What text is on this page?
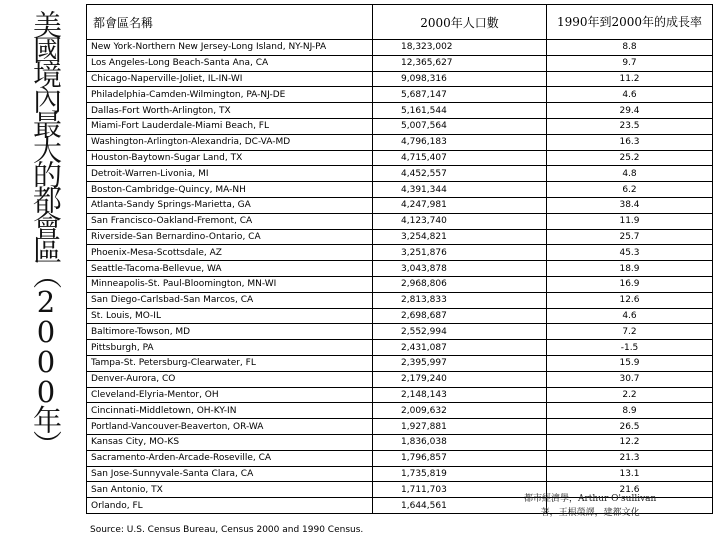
美國境內最大的都會區（2000年）	都會區名稱	2000年人口數	1990年到2000年的成長率
New York-Northern New Jersey-Long Island, NY-NJ-PA	18,323,002	8.8
Los Angeles-Long Beach-Santa Ana, CA	12,365,627	9.7
Chicago-Naperville-Joliet, IL-IN-WI	9,098,316	11.2
Philadelphia-Camden-Wilmington, PA-NJ-DE	5,687,147	4.6
Dallas-Fort Worth-Arlington, TX	5,161,544	29.4
Miami-Fort Lauderdale-Miami Beach, FL	5,007,564	23.5
Washington-Arlington-Alexandria, DC-VA-MD	4,796,183	16.3
Houston-Baytown-Sugar Land, TX	4,715,407	25.2
Detroit-Warren-Livonia, MI	4,452,557	4.8
Boston-Cambridge-Quincy, MA-NH	4,391,344	6.2
Atlanta-Sandy Springs-Marietta, GA	4,247,981	38.4
San Francisco-Oakland-Fremont, CA	4,123,740	11.9
Riverside-San Bernardino-Ontario, CA	3,254,821	25.7
Phoenix-Mesa-Scottsdale, AZ	3,251,876	45.3
Seattle-Tacoma-Bellevue, WA	3,043,878	18.9
Minneapolis-St. Paul-Bloomington, MN-WI	2,968,806	16.9
San Diego-Carlsbad-San Marcos, CA	2,813,833	12.6
St. Louis, MO-IL	2,698,687	4.6
Baltimore-Towson, MD	2,552,994	7.2
Pittsburgh, PA	2,431,087	-1.5
Tampa-St. Petersburg-Clearwater, FL	2,395,997	15.9
Denver-Aurora, CO	2,179,240	30.7
Cleveland-Elyria-Mentor, OH	2,148,143	2.2
Cincinnati-Middletown, OH-KY-IN	2,009,632	8.9
Portland-Vancouver-Beaverton, OR-WA	1,927,881	26.5
Kansas City, MO-KS	1,836,038	12.2
Sacramento-Arden-Arcade-Roseville, CA	1,796,857	21.3
San Jose-Sunnyvale-Santa Clara, CA	1,735,819	13.1
San Antonio, TX	1,711,703	21.6
Orlando, FL	1,644,561	
Source: U.S. Census Bureau, Census 2000 and 1990 Census.
都市經濟學，Arthur O'sullivan
著，王根榮譯，建都文化
